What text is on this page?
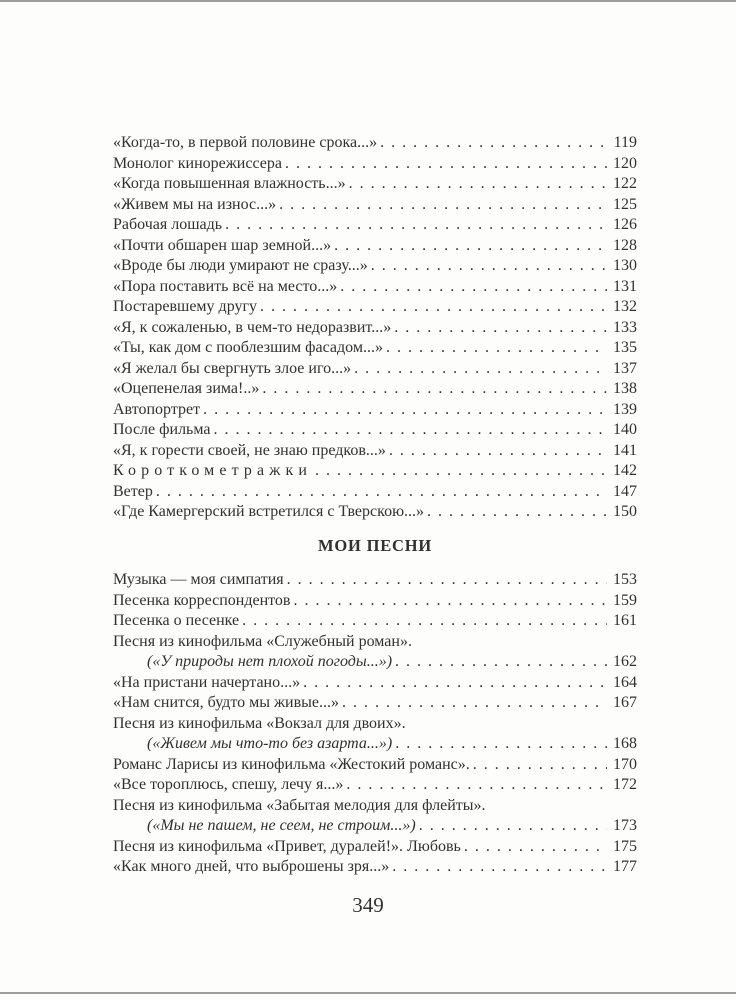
«Когда-то, в первой половине срока...» . . .	119
Монолог кинорежиссера . . .	120
«Когда повышенная влажность...» . . .	122
«Живем мы на износ...» . . .	125
Рабочая лошадь . . .	126
«Почти обшарен шар земной...» . . .	128
«Вроде бы люди умирают не сразу...» . . .	130
«Пора поставить всё на место...» . . .	131
Постаревшему другу . . .	132
«Я, к сожаленью, в чем-то недоразвит...» . . .	133
«Ты, как дом с пооблезшим фасадом...» . . .	135
«Я желал бы свергнуть злое иго...» . . .	137
«Оцепенелая зима!..» . . .	138
Автопортрет . . .	139
После фильма . . .	140
«Я, к горести своей, не знаю предков...» . . .	141
Короткометражки . . .	142
Ветер . . .	147
«Где Камергерский встретился с Тверскою...» . . .	150
МОИ ПЕСНИ
Музыка — моя симпатия . . .	153
Песенка корреспондентов . . .	159
Песенка о песенке . . .	161
Песня из кинофильма «Служебный роман».
(«У природы нет плохой погоды...») . . .	162
«На пристани начертано...» . . .	164
«Нам снится, будто мы живые...» . . .	167
Песня из кинофильма «Вокзал для двоих».
(«Живем мы что-то без азарта...») . . .	168
Романс Ларисы из кинофильма «Жестокий романс». . . .	170
«Все тороплюсь, спешу, лечу я...» . . .	172
Песня из кинофильма «Забытая мелодия для флейты».
(«Мы не пашем, не сеем, не строим...») . . .	173
Песня из кинофильма «Привет, дуралей!». Любовь . . .	175
«Как много дней, что выброшены зря...» . . .	177
349
